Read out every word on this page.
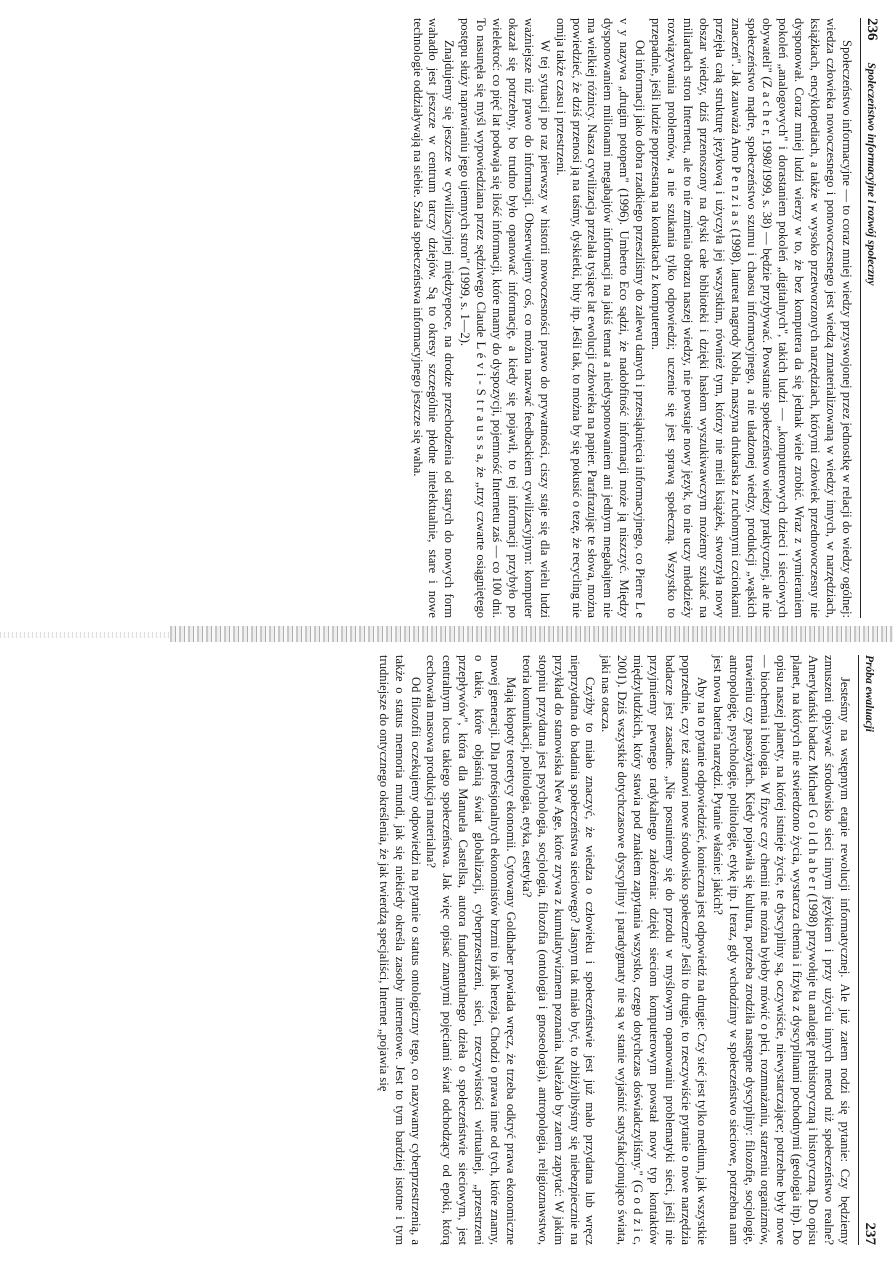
236
Społeczeństwo informacyjne i rozwój społeczny

Społeczeństwo informacyjne — to coraz mniej wiedzy przyswojonej przez jednostkę w relacji do wiedzy ogólnej: wiedza człowieka nowoczesnego i ponowoczesnego jest wiedzą zmaterializowaną w wiedzy innych, w narzędziach, książkach, encyklopediach, a także w wysoko przetworzonych narzędziach, którymi człowiek przednowoczesny nie dysponował. Coraz mniej ludzi wierzy w to, że bez komputera da się jednak wiele zrobić. Wraz z wymieraniem pokoleń „analogowych" i dorastaniem pokoleń „digitalnych", takich ludzi — „komputerowych dzieci i sieciowych obywateli" (Z a c h e r, 1998/1999, s. 38) — będzie przybywać. Powstanie społeczeństwo wiedzy praktycznej, ale nie społeczeństwo mądre, społeczeństwo szumu i chaosu informacyjnego, a nie uładzonej wiedzy, produkcji „wąskich znaczeń". Jak zauważa Arno P e n z i a s (1998), laureat nagrody Nobla, maszyna drukarska z ruchomymi czcionkami przejęła całą strukturę językową i użyczyła jej wszystkim, również tym, którzy nie mieli książek, stworzyła nowy obszar wiedzy, dziś przenoszony na dyski całe biblioteki i dzięki hasłom wyszukiwawczym możemy szukać na miliardach stron Internetu, ale to nie zmienia obrazu naszej wiedzy, nie powstaje nowy język, to nie uczy młodzieży rozwiązywania problemów, a nie szukania tylko odpowiedzi; uczenie się jest sprawą społeczną. Wszystko to przepadnie, jeśli ludzie poprzestaną na kontaktach z komputerem.

Od informacji jako dobra rzadkiego przeszliśmy do zalewu danych i przesiąknięcia informacyjnego, co Pierre L e v y nazywa „drugim potopem" (1996). Umberto Eco sądzi, że nadobfitość informacji może ją niszczyć. Między dysponowaniem milionami megabajtów informacji na jakiś temat a niedysponowaniem ani jednym megabajtem nie ma wielkiej różnicy. Nasza cywilizacja przelała tysiące lat ewolucji człowieka na papier. Parafrazując te słowa, można powiedzieć, że dziś przenosi ją na taśmy, dyskietki, bity itp. Jeśli tak, to można by się pokusić o tezę, że recycling nie omija także czasu i przestrzeni.

W tej sytuacji po raz pierwszy w historii nowoczesności prawo do prywatności, ciszy staje się dla wielu ludzi ważniejsze niż prawo do informacji. Obserwujemy coś, co można nazwać feedbackiem cywilizacyjnym: komputer okazał się potrzebny, bo trudno było opanować informację, a kiedy się pojawił, to tej informacji przybyło po wielekroć: co pięć lat podwaja się ilość informacji, które mamy do dyspozycji, pojemność Internetu zaś — co 100 dni. To nasunęła się myśl wypowiedziana przez sędziwego Claude L é v i - S t r a u s s a, że „trzy czwarte osiągniętego postępu służy naprawianiu jego ujemnych stron" (1999, s. 1—2).

Znajdujemy się jeszcze w cywilizacyjnej międzyepoce, na drodze przechodzenia od starych do nowych form wahadło jest jeszcze w centrum tarczy dziejów. Są to okresy szczególnie płodne intelektualnie, stare i nowe technologie oddziaływają na siebie. Szala społeczeństwa informacyjnego jeszcze się waha.

Próba ewaluacji
237

Jesteśmy na wstępnym etapie rewolucji informatycznej. Ale już zatem rodzi się pytanie: Czy będziemy zmuszeni opisywać środowisko sieci innym językiem i przy użyciu innych metod niż społeczeństwo realne? Amerykański badacz Michael G o l d h a b e r (1998) przywołuje tu analogię prehistoryczną i historyczną. Do opisu planet, na których nie stwierdzono życia, wystarcza chemia i fizyka z dyscyplinami pochodnymi (geologia itp). Do opisu naszej planety, na której istnieje życie, te dyscypliny są, oczywiście, niewystarczające; potrzebne były nowe — biochemia i biologia. W fizyce czy chemii nie można byłoby mówić o płci, rozmnażaniu, starzeniu organizmów, trawieniu czy pasożytach. Kiedy pojawiła się kultura, potrzeba zrodziła następne dyscypliny: filozofię, socjologię, antropologię, psychologię, politologię, etykę itp. I teraz, gdy wchodzimy w społeczeństwo sieciowe, potrzebna nam jest nowa bateria narzędzi. Pytanie właśnie: jakich?

Aby na to pytanie odpowiedzieć, konieczna jest odpowiedź na drugie: Czy sieć jest tylko medium, jak wszystkie poprzednie, czy też stanowi nowe środowisko społeczne? Jeśli to drugie, to rzeczywiście pytanie o nowe narzędzia badacze jest zasadne. „Nie posuniemy się do przodu w myślowym opanowaniu problematyki sieci, jeśli nie przyjmiemy pewnego radykalnego założenia: dzięki sieciom komputerowym powstał nowy typ kontaktów międzyludzkich, który stawia pod znakiem zapytania wszystko, czego dotychczas doświadczyliśmy." (G o d z i c, 2001). Dziś wszystkie dotychczasowe dyscypliny i paradygmaty nie są w stanie wyjaśnić satysfakcjonująco świata, jaki nas otacza.

Czyżby to miało znaczyć, że wiedza o człowieku i społeczeństwie jest już mało przydatna lub wręcz nieprzydatna do badania społeczeństwa sieciowego? Jasnym tak miało być, to zbliżylibyśmy się niebezpiecznie na przykład do stanowiska New Age, które zrywa z kumulatywizmem poznania. Należało by zatem zapytać: W jakim stopniu przydatna jest psychologia, socjologia, filozofia (ontologia i gnoseologia), antropologia, religioznawstwo, teoria komunikacji, politologia, etyka, estetyka?

Mają kłopoty teoretycy ekonomii. Cytowany Goldhaber powiada wręcz, że trzeba odkryć prawa ekonomiczne nowej generacji. Dla profesjonalnych ekonomistów brzmi to jak herezja. Chodzi o prawa inne od tych, które znamy, o takie, które objaśnią świat globalizacji, cyberprzestrzeni, sieci, rzeczywistości wirtualnej, „przestrzeni przepływów", która dla Manuela Castellsa, autora fundamentalnego dzieła o społeczeństwie sieciowym, jest centralnym locus takiego społeczeństwa. Jak więc opisać znanymi pojęciami świat odchodzący od epoki, którą cechowała masowa produkcja materialna?

Od filozofii oczekujemy odpowiedzi na pytanie o status ontologiczny tego, co nazywamy cyberprzestrzenią, a także o status memoria mundi, jak się niekiedy określa zasoby internetowe. Jest to tym bardziej istotne i tym trudniejsze do ontycznego określenia, że jak twierdzą specjaliści, Internet „pojawia się
